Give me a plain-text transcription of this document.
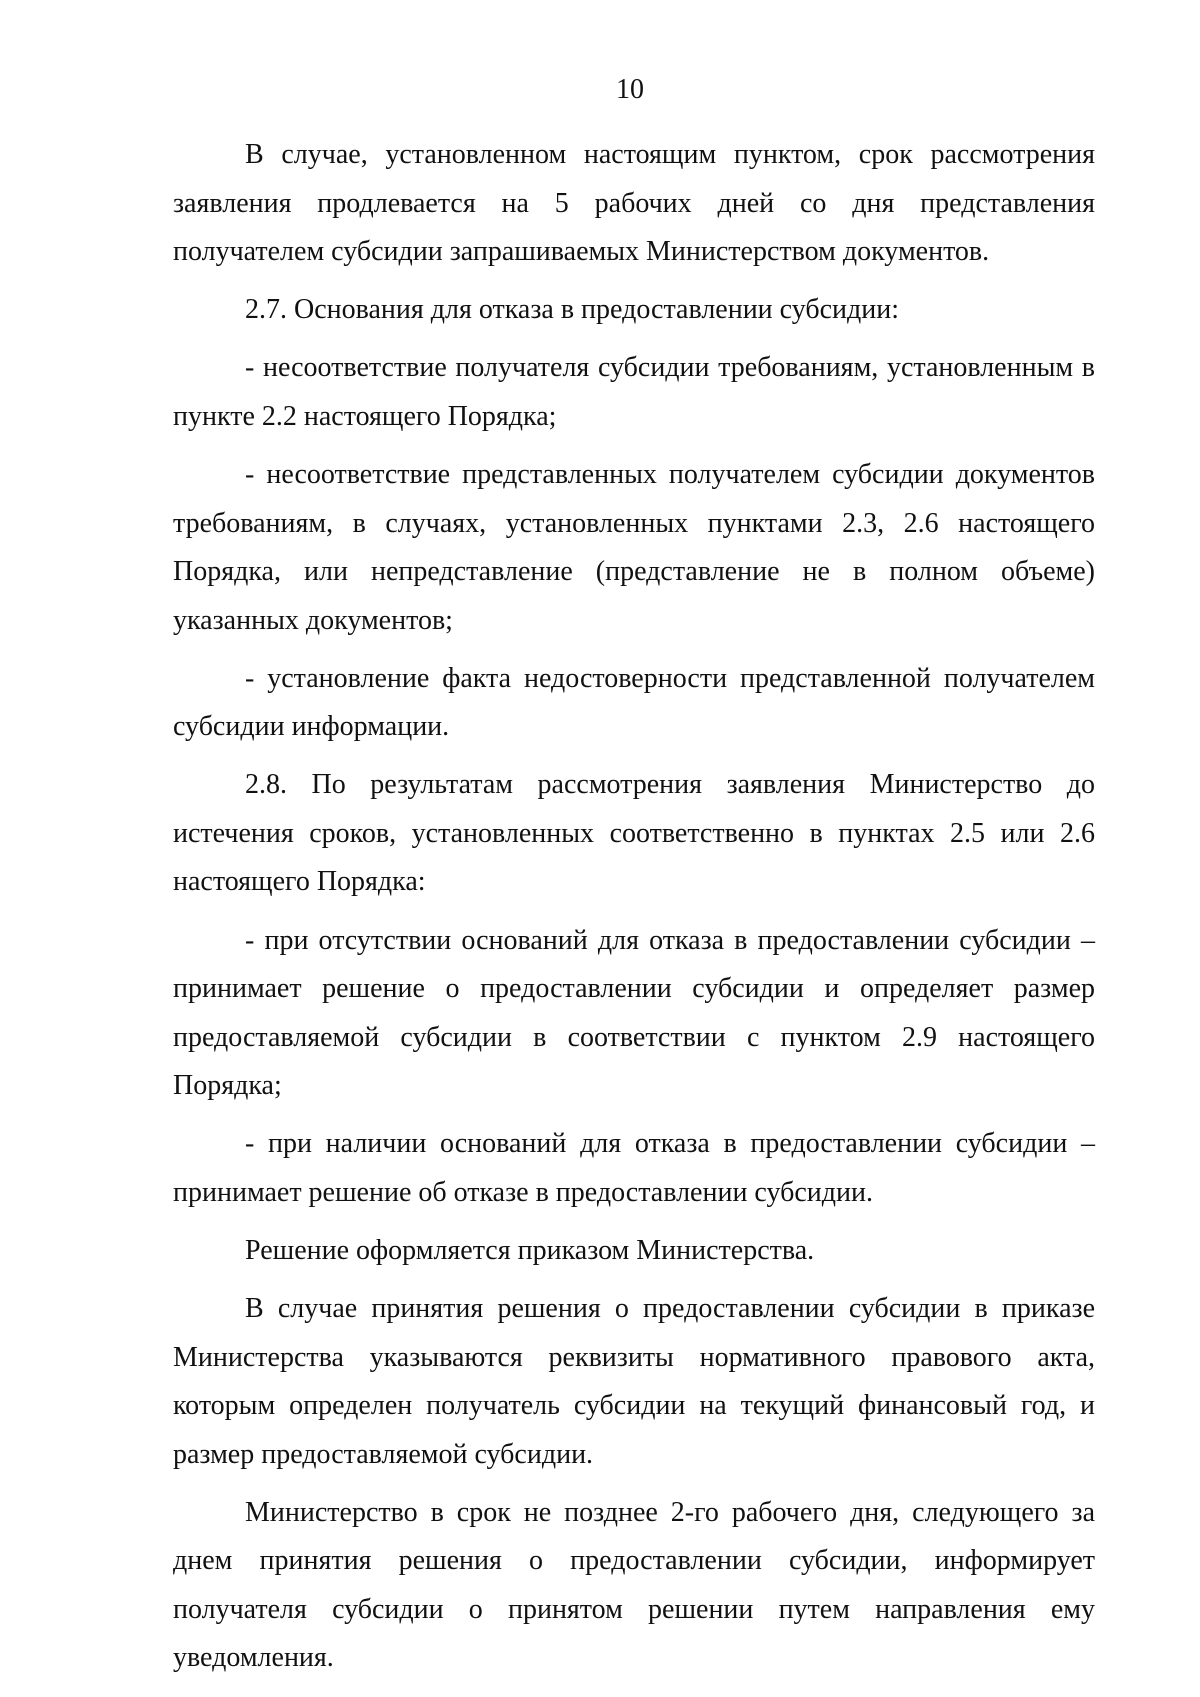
10

В случае, установленном настоящим пунктом, срок рассмотрения заявления продлевается на 5 рабочих дней со дня представления получателем субсидии запрашиваемых Министерством документов.

2.7. Основания для отказа в предоставлении субсидии:

- несоответствие получателя субсидии требованиям, установленным в пункте 2.2 настоящего Порядка;

- несоответствие представленных получателем субсидии документов требованиям, в случаях, установленных пунктами 2.3, 2.6 настоящего Порядка, или непредставление (представление не в полном объеме) указанных документов;

- установление факта недостоверности представленной получателем субсидии информации.

2.8. По результатам рассмотрения заявления Министерство до истечения сроков, установленных соответственно в пунктах 2.5 или 2.6 настоящего Порядка:

- при отсутствии оснований для отказа в предоставлении субсидии – принимает решение о предоставлении субсидии и определяет размер предоставляемой субсидии в соответствии с пунктом 2.9 настоящего Порядка;

- при наличии оснований для отказа в предоставлении субсидии – принимает решение об отказе в предоставлении субсидии.

Решение оформляется приказом Министерства.

В случае принятия решения о предоставлении субсидии в приказе Министерства указываются реквизиты нормативного правового акта, которым определен получатель субсидии на текущий финансовый год, и размер предоставляемой субсидии.

Министерство в срок не позднее 2-го рабочего дня, следующего за днем принятия решения о предоставлении субсидии, информирует получателя субсидии о принятом решении путем направления ему уведомления.
